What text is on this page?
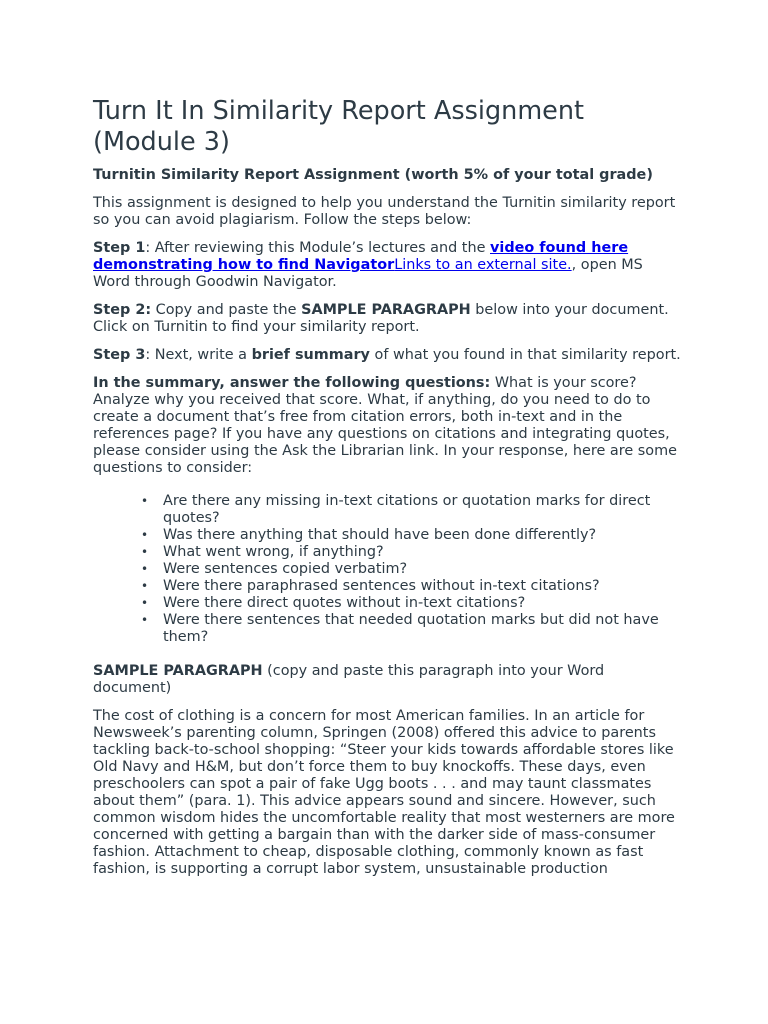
Turn It In Similarity Report Assignment (Module 3)

Turnitin Similarity Report Assignment (worth 5% of your total grade)

This assignment is designed to help you understand the Turnitin similarity report so you can avoid plagiarism. Follow the steps below:

Step 1: After reviewing this Module’s lectures and the video found here demonstrating how to find NavigatorLinks to an external site., open MS Word through Goodwin Navigator.

Step 2: Copy and paste the SAMPLE PARAGRAPH below into your document. Click on Turnitin to find your similarity report.

Step 3: Next, write a brief summary of what you found in that similarity report.

In the summary, answer the following questions: What is your score? Analyze why you received that score. What, if anything, do you need to do to create a document that’s free from citation errors, both in-text and in the references page? If you have any questions on citations and integrating quotes, please consider using the Ask the Librarian link. In your response, here are some questions to consider:

• Are there any missing in-text citations or quotation marks for direct quotes?
• Was there anything that should have been done differently?
• What went wrong, if anything?
• Were sentences copied verbatim?
• Were there paraphrased sentences without in-text citations?
• Were there direct quotes without in-text citations?
• Were there sentences that needed quotation marks but did not have them?

SAMPLE PARAGRAPH (copy and paste this paragraph into your Word document)

The cost of clothing is a concern for most American families. In an article for Newsweek’s parenting column, Springen (2008) offered this advice to parents tackling back-to-school shopping: “Steer your kids towards affordable stores like Old Navy and H&M, but don’t force them to buy knockoffs. These days, even preschoolers can spot a pair of fake Ugg boots . . . and may taunt classmates about them” (para. 1). This advice appears sound and sincere. However, such common wisdom hides the uncomfortable reality that most westerners are more concerned with getting a bargain than with the darker side of mass-consumer fashion. Attachment to cheap, disposable clothing, commonly known as fast fashion, is supporting a corrupt labor system, unsustainable production
